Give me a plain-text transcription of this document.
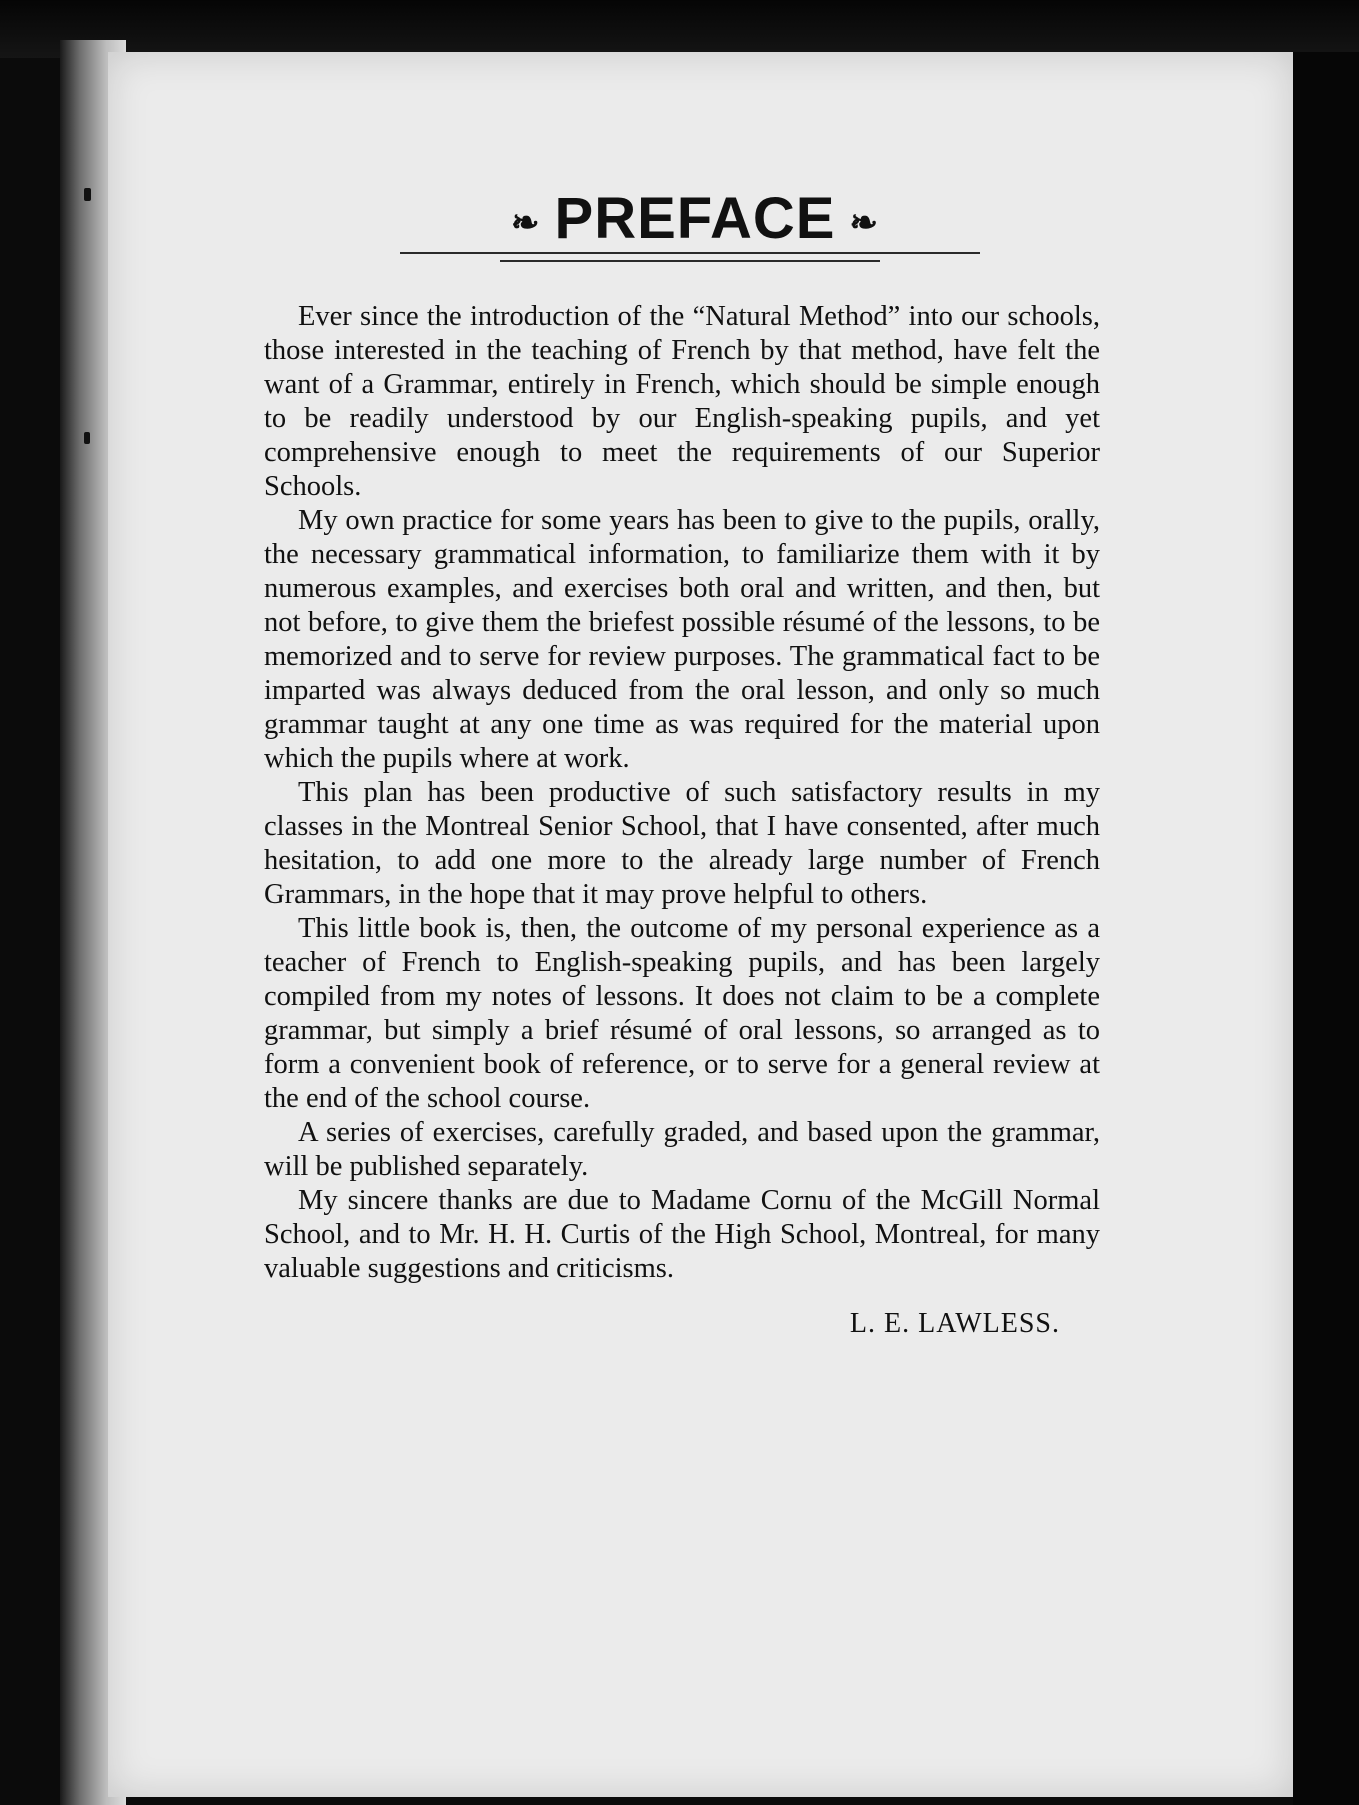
❧ PREFACE ❧

Ever since the introduction of the “Natural Method” into our schools, those interested in the teaching of French by that method, have felt the want of a Grammar, entirely in French, which should be simple enough to be readily understood by our English-speaking pupils, and yet comprehensive enough to meet the requirements of our Superior Schools.

My own practice for some years has been to give to the pupils, orally, the necessary grammatical information, to familiarize them with it by numerous examples, and exercises both oral and written, and then, but not before, to give them the briefest possible résumé of the lessons, to be memorized and to serve for review purposes. The grammatical fact to be imparted was always deduced from the oral lesson, and only so much grammar taught at any one time as was required for the material upon which the pupils where at work.

This plan has been productive of such satisfactory results in my classes in the Montreal Senior School, that I have consented, after much hesitation, to add one more to the already large number of French Grammars, in the hope that it may prove helpful to others.

This little book is, then, the outcome of my personal experience as a teacher of French to English-speaking pupils, and has been largely compiled from my notes of lessons. It does not claim to be a complete grammar, but simply a brief résumé of oral lessons, so arranged as to form a convenient book of reference, or to serve for a general review at the end of the school course.

A series of exercises, carefully graded, and based upon the grammar, will be published separately.

My sincere thanks are due to Madame Cornu of the McGill Normal School, and to Mr. H. H. Curtis of the High School, Montreal, for many valuable suggestions and criticisms.

L. E. LAWLESS.
